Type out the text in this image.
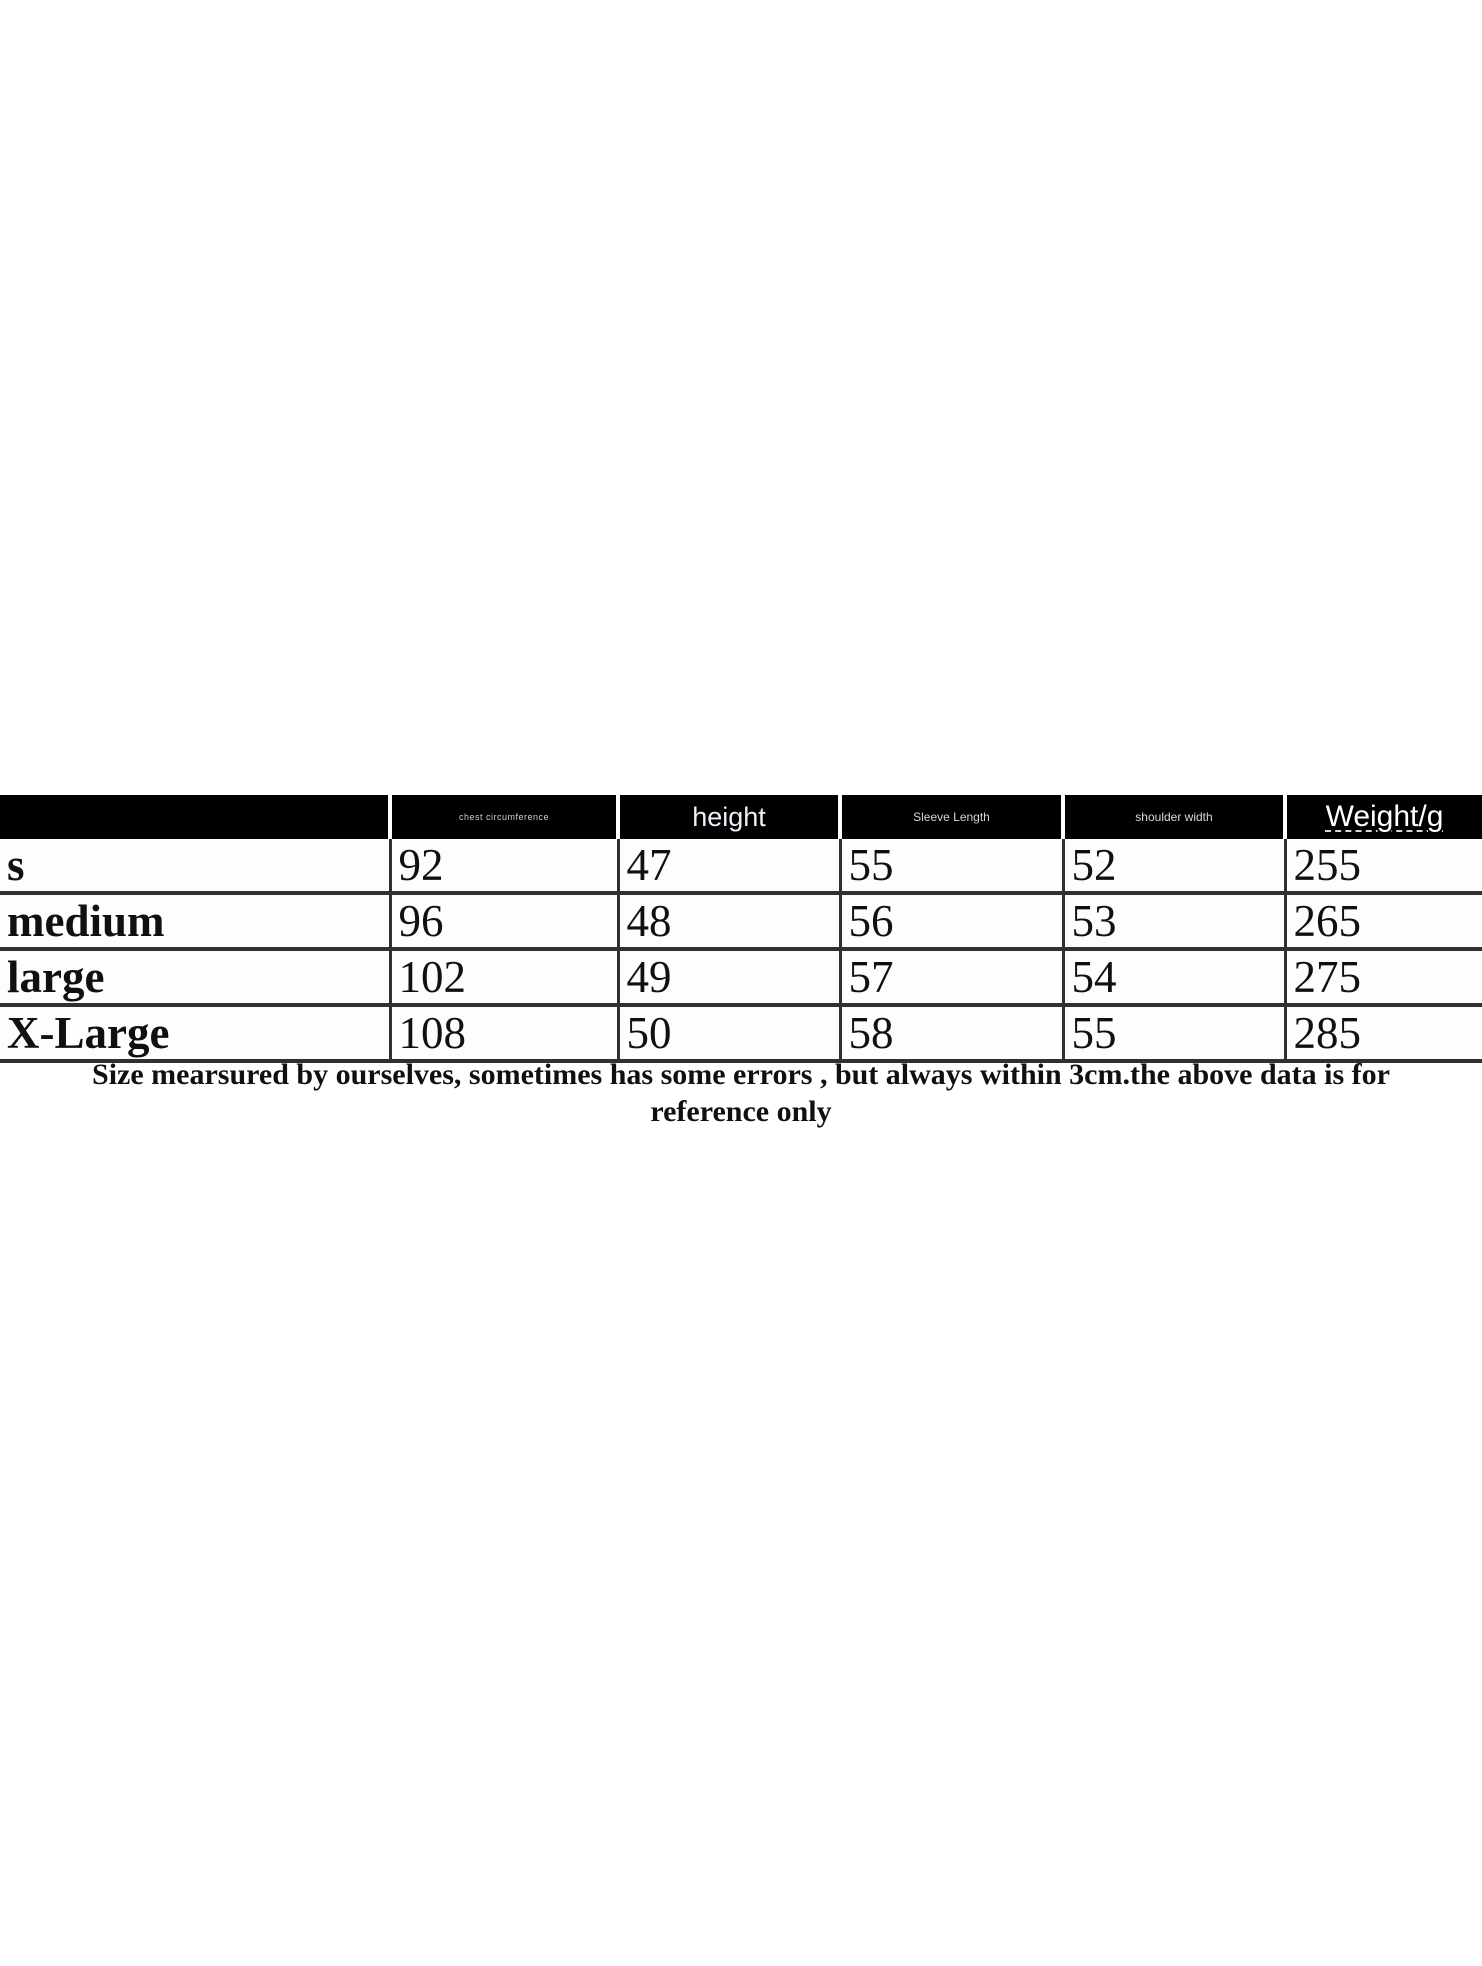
	chest circumference	height	Sleeve Length	shoulder width	Weight/g
s	92	47	55	52	255
medium	96	48	56	53	265
large	102	49	57	54	275
X-Large	108	50	58	55	285

Size mearsured by ourselves, sometimes has some errors , but always within 3cm.the above data is for
reference only
